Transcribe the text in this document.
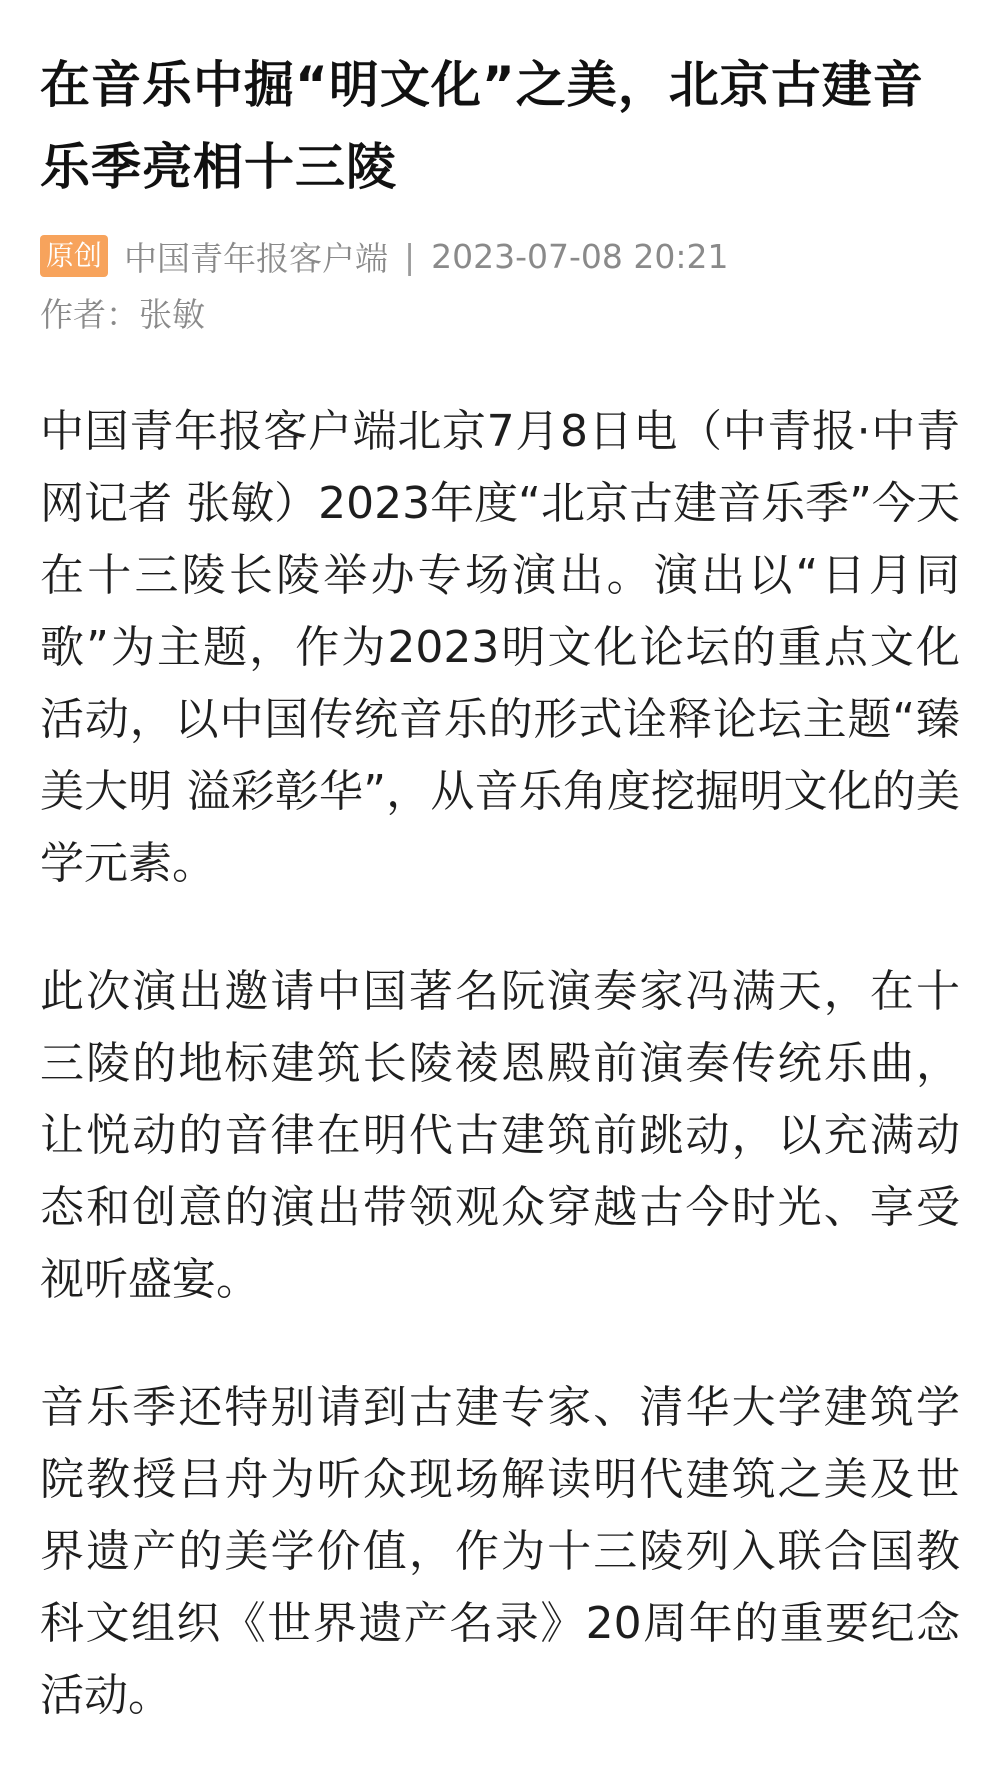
在音乐中掘“明文化”之美，北京古建音乐季亮相十三陵
原创 中国青年报客户端 | 2023-07-08 20:21
作者：张敏

中国青年报客户端北京7月8日电（中青报·中青网记者 张敏）2023年度“北京古建音乐季”今天在十三陵长陵举办专场演出。演出以“日月同歌”为主题，作为2023明文化论坛的重点文化活动，以中国传统音乐的形式诠释论坛主题“臻美大明 溢彩彰华”，从音乐角度挖掘明文化的美学元素。

此次演出邀请中国著名阮演奏家冯满天，在十三陵的地标建筑长陵祾恩殿前演奏传统乐曲，让悦动的音律在明代古建筑前跳动，以充满动态和创意的演出带领观众穿越古今时光、享受视听盛宴。

音乐季还特别请到古建专家、清华大学建筑学院教授吕舟为听众现场解读明代建筑之美及世界遗产的美学价值，作为十三陵列入联合国教科文组织《世界遗产名录》20周年的重要纪念活动。
